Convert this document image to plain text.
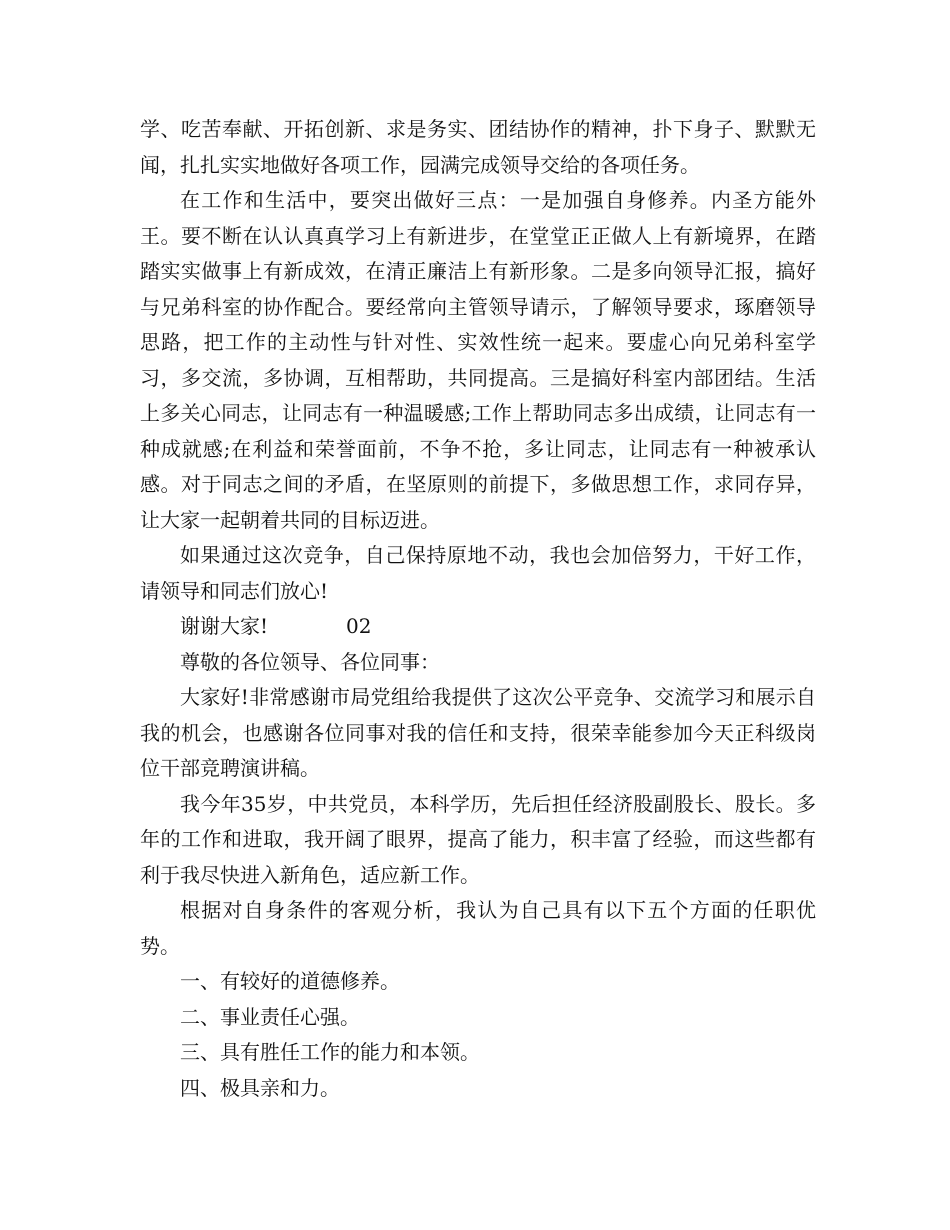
学、吃苦奉献、开拓创新、求是务实、团结协作的精神，扑下身子、默默无闻，扎扎实实地做好各项工作，园满完成领导交给的各项任务。

在工作和生活中，要突出做好三点：一是加强自身修养。内圣方能外王。要不断在认认真真学习上有新进步，在堂堂正正做人上有新境界，在踏踏实实做事上有新成效，在清正廉洁上有新形象。二是多向领导汇报，搞好与兄弟科室的协作配合。要经常向主管领导请示，了解领导要求，琢磨领导思路，把工作的主动性与针对性、实效性统一起来。要虚心向兄弟科室学习，多交流，多协调，互相帮助，共同提高。三是搞好科室内部团结。生活上多关心同志，让同志有一种温暖感;工作上帮助同志多出成绩，让同志有一种成就感;在利益和荣誉面前，不争不抢，多让同志，让同志有一种被承认感。对于同志之间的矛盾，在坚原则的前提下，多做思想工作，求同存异，让大家一起朝着共同的目标迈进。

如果通过这次竞争，自己保持原地不动，我也会加倍努力，干好工作，请领导和同志们放心!

谢谢大家!	02

尊敬的各位领导、各位同事：

大家好!非常感谢市局党组给我提供了这次公平竞争、交流学习和展示自我的机会，也感谢各位同事对我的信任和支持，很荣幸能参加今天正科级岗位干部竞聘演讲稿。

我今年35岁，中共党员，本科学历，先后担任经济股副股长、股长。多年的工作和进取，我开阔了眼界，提高了能力，积丰富了经验，而这些都有利于我尽快进入新角色，适应新工作。

根据对自身条件的客观分析，我认为自己具有以下五个方面的任职优势。

一、有较好的道德修养。

二、事业责任心强。

三、具有胜任工作的能力和本领。

四、极具亲和力。
